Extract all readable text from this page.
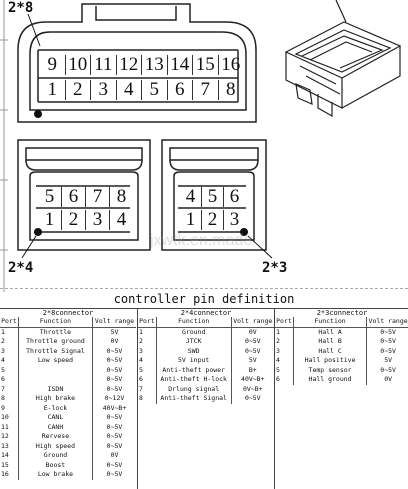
2*8
2*4	2*3
9 10 11 12 13 14 15 16
1 2 3 4 5 6 7 8
5 6 7 8
1 2 3 4
4 5 6
1 2 3
jxwtk.en.made
controller pin definition
2*8connector
Port	Function	Volt range
1	Throttle	5V
2	Throttle ground	0V
3	Throttle Signal	0~5V
4	Low speed	0~5V
5		0~5V
6		0~5V
7	ISDN	0~5V
8	High brake	0~12V
9	E-lock	40V~B+
10	CANL	0~5V
11	CANH	0~5V
12	Rervese	0~5V
13	High speed	0~5V
14	Ground	0V
15	Boost	0~5V
16	Low brake	0~5V
2*4connector
Port	Function	Volt range
1	Ground	0V
2	JTCK	0~5V
3	SWD	0~5V
4	5V input	5V
5	Anti-theft power	B+
6	Anti-theft H-lock	40V~B+
7	Drlung signal	0V~B+
8	Anti-theft Signal	0~5V
2*3connector
Port	Function	Volt range
1	Hall A	0~5V
2	Hall B	0~5V
3	Hall C	0~5V
4	Hall positive	5V
5	Temp sensor	0~5V
6	Hall ground	0V
